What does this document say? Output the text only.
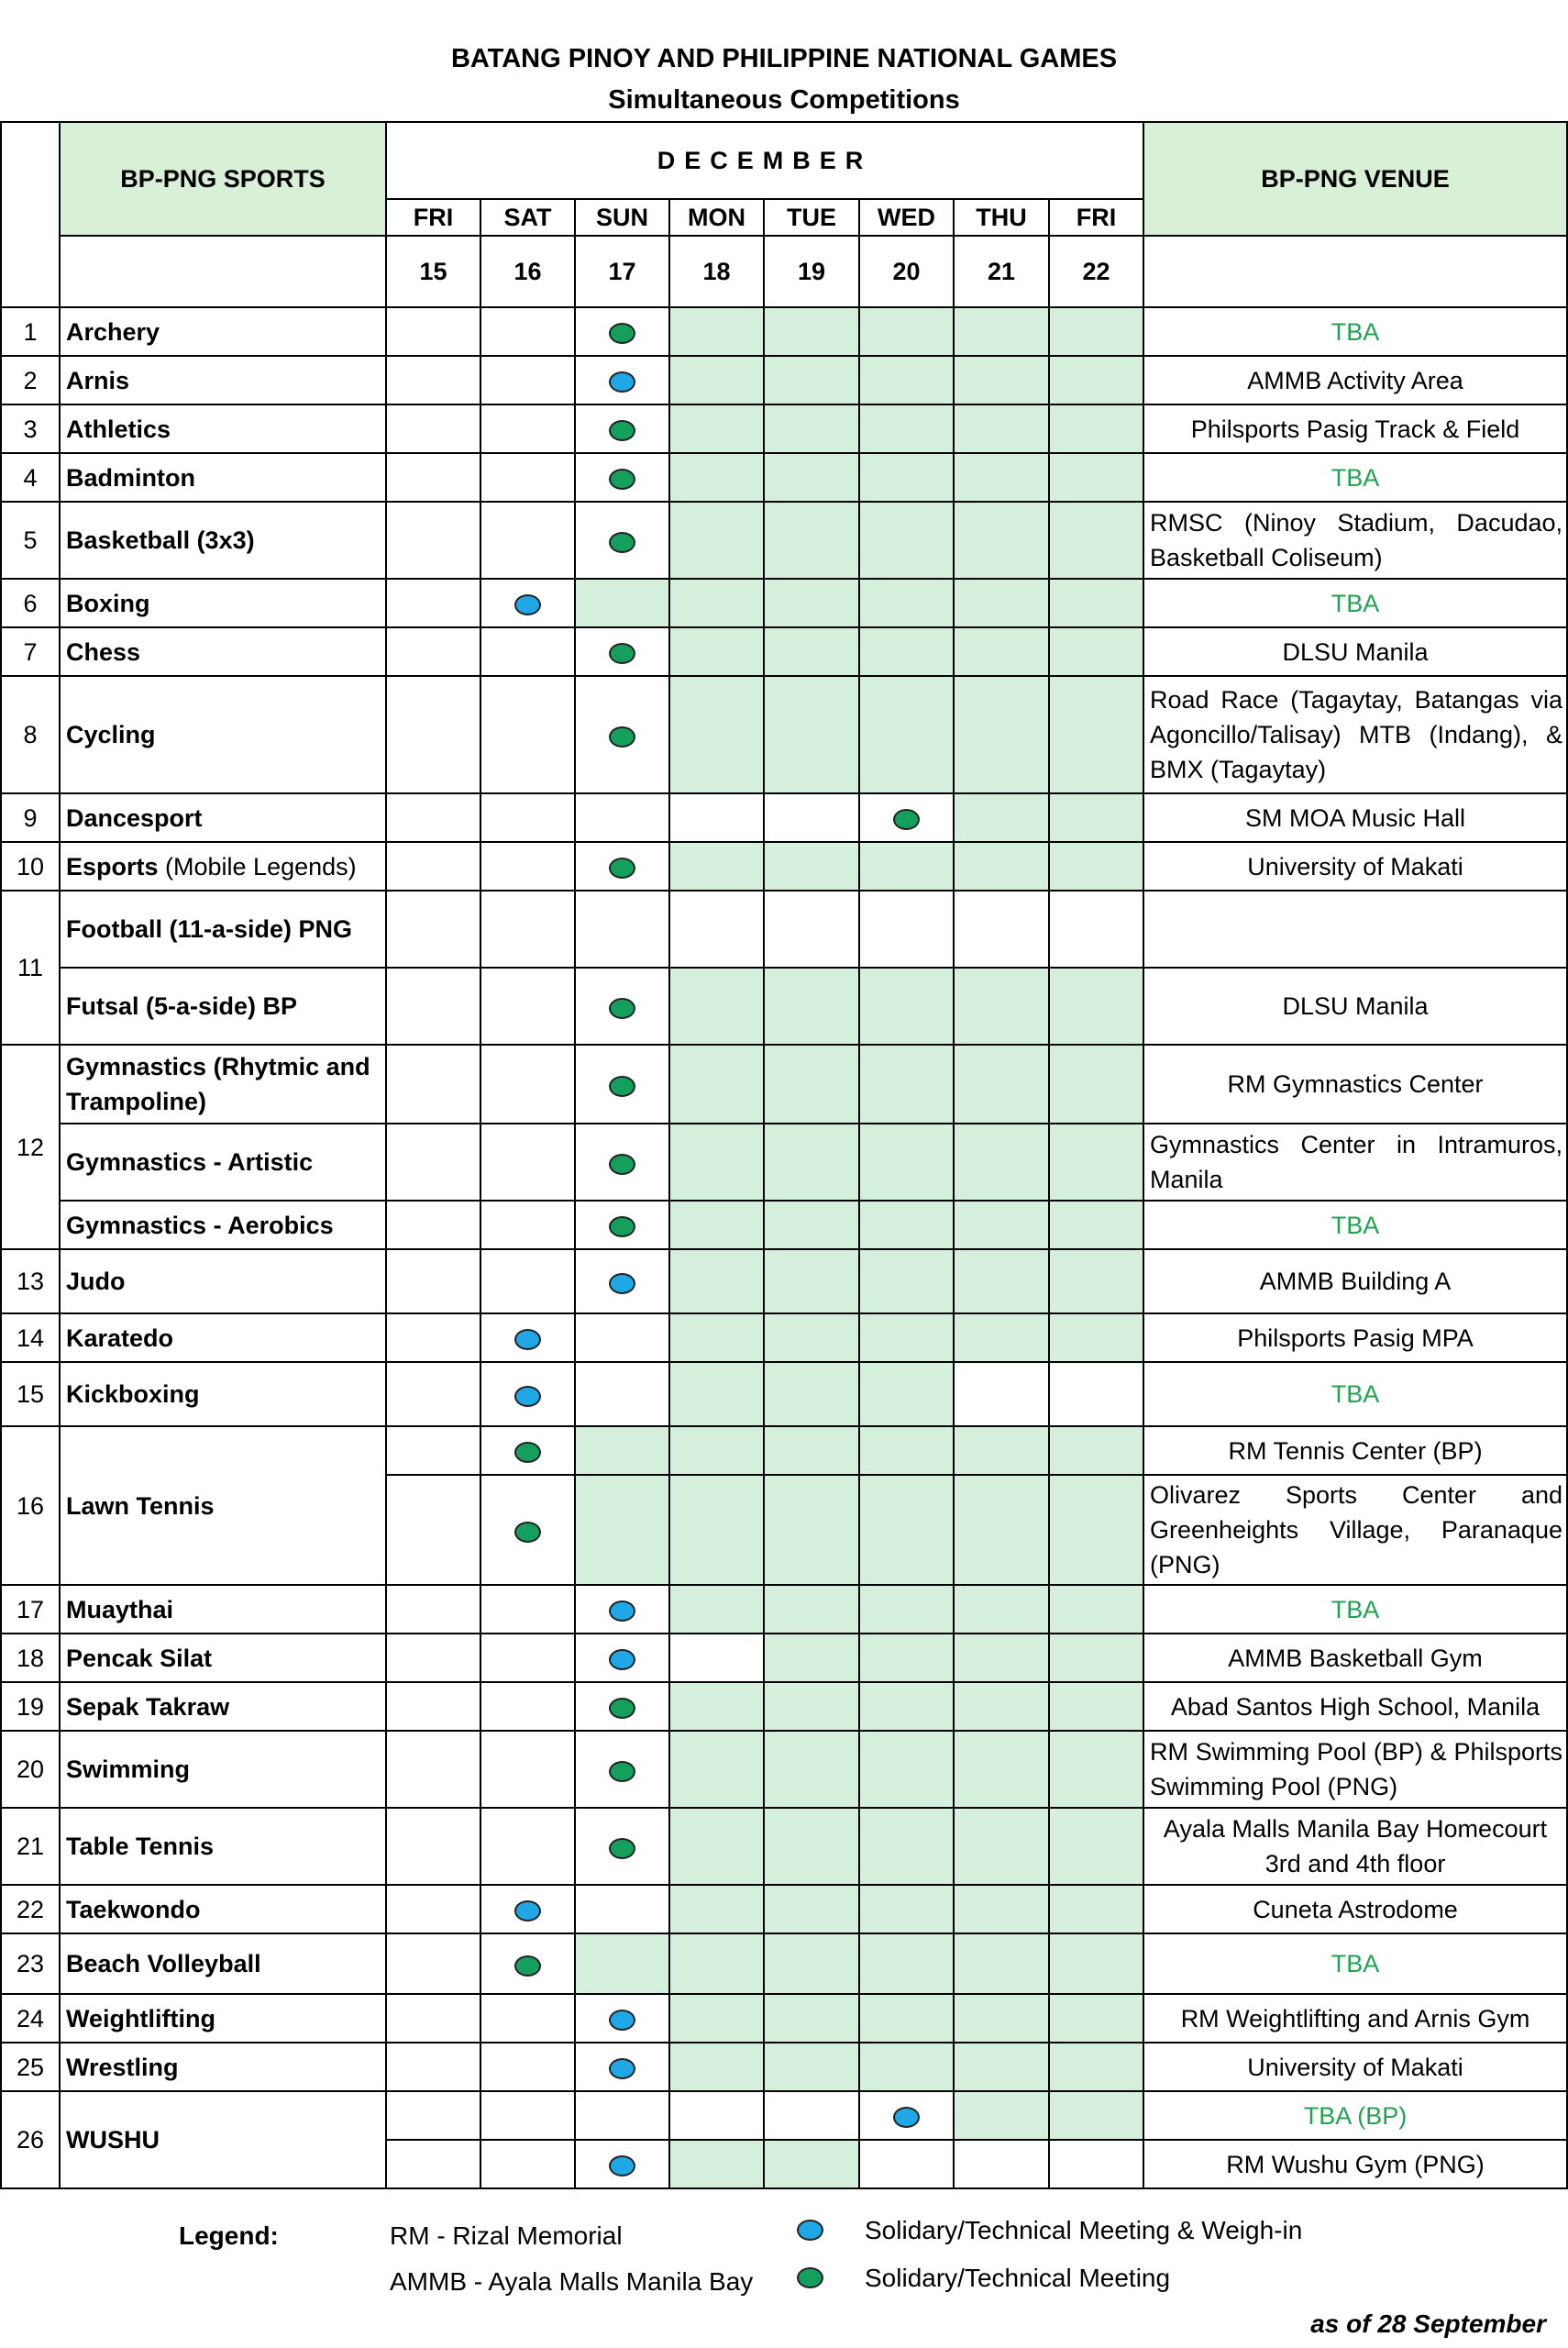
BATANG PINOY AND PHILIPPINE NATIONAL GAMES
Simultaneous Competitions
	BP-PNG SPORTS	DECEMBER								BP-PNG VENUE
		FRI	SAT	SUN	MON	TUE	WED	THU	FRI	
		15	16	17	18	19	20	21	22	
1	Archery									TBA
2	Arnis									AMMB Activity Area
3	Athletics									Philsports Pasig Track & Field
4	Badminton									TBA
5	Basketball (3x3)									RMSC (Ninoy Stadium, Dacudao, Basketball Coliseum)
6	Boxing									TBA
7	Chess									DLSU Manila
8	Cycling									Road Race (Tagaytay, Batangas via Agoncillo/Talisay) MTB (Indang), & BMX (Tagaytay)
9	Dancesport									SM MOA Music Hall
10	Esports (Mobile Legends)									University of Makati
11	Football (11-a-side) PNG									
	Futsal (5-a-side) BP									DLSU Manila
12	Gymnastics (Rhytmic and Trampoline)									RM Gymnastics Center
	Gymnastics - Artistic									Gymnastics Center in Intramuros, Manila
	Gymnastics - Aerobics									TBA
13	Judo									AMMB Building A
14	Karatedo									Philsports Pasig MPA
15	Kickboxing									TBA
16	Lawn Tennis									RM Tennis Center (BP)
										Olivarez Sports Center and Greenheights Village, Paranaque (PNG)
17	Muaythai									TBA
18	Pencak Silat									AMMB Basketball Gym
19	Sepak Takraw									Abad Santos High School, Manila
20	Swimming									RM Swimming Pool (BP) & Philsports Swimming Pool (PNG)
21	Table Tennis									Ayala Malls Manila Bay Homecourt 3rd and 4th floor
22	Taekwondo									Cuneta Astrodome
23	Beach Volleyball									TBA
24	Weightlifting									RM Weightlifting and Arnis Gym
25	Wrestling									University of Makati
26	WUSHU									TBA (BP)
										RM Wushu Gym (PNG)
Legend:	RM - Rizal Memorial
AMMB - Ayala Malls Manila Bay
Solidary/Technical Meeting & Weigh-in
Solidary/Technical Meeting
as of 28 September
